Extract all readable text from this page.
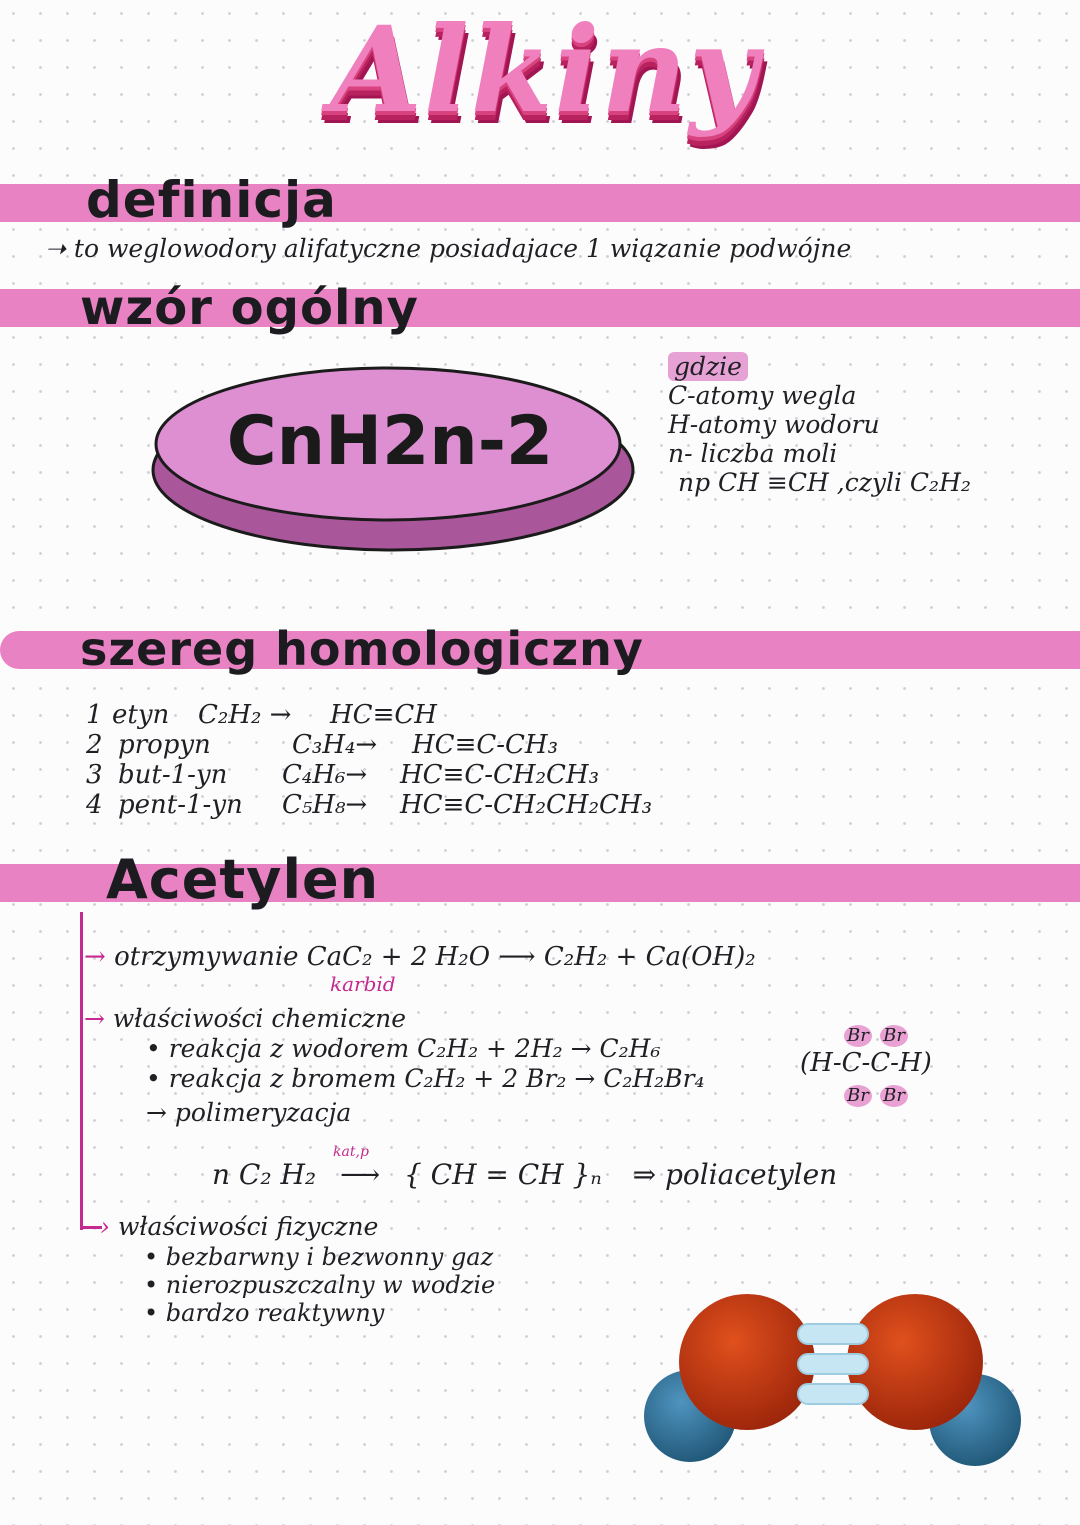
Alkiny
definicja
➝ to weglowodory alifatyczne posiadajace 1 wiązanie podwójne
wzór ogólny
CnH2n-2
gdzie
C-atomy wegla
H-atomy wodoru
n- liczba moli
np CH ≡CH ,czyli C₂H₂
szereg homologiczny
1 etyn C₂H₂ → HC≡CH
2 propyn	C₃H₄→ HC≡C-CH₃
3 but-1-yn C₄H₆→ HC≡C-CH₂CH₃
4 pent-1-yn C₅H₈→ HC≡C-CH₂CH₂CH₃
Acetylen
→ otrzymywanie CaC₂ + 2 H₂O ⟶ C₂H₂ + Ca(OH)₂
karbid
→ właściwości chemiczne
• reakcja z wodorem C₂H₂ + 2H₂ → C₂H₆
• reakcja z bromem C₂H₂ + 2 Br₂ → C₂H₂Br₄
→ polimeryzacja
Br Br
(H-C-C-H)
Br Br
n C₂ H₂
kat,p
⟶ { CH = CH }ₙ ⇒ poliacetylen
› właściwości fizyczne
• bezbarwny i bezwonny gaz
• nierozpuszczalny w wodzie
• bardzo reaktywny
